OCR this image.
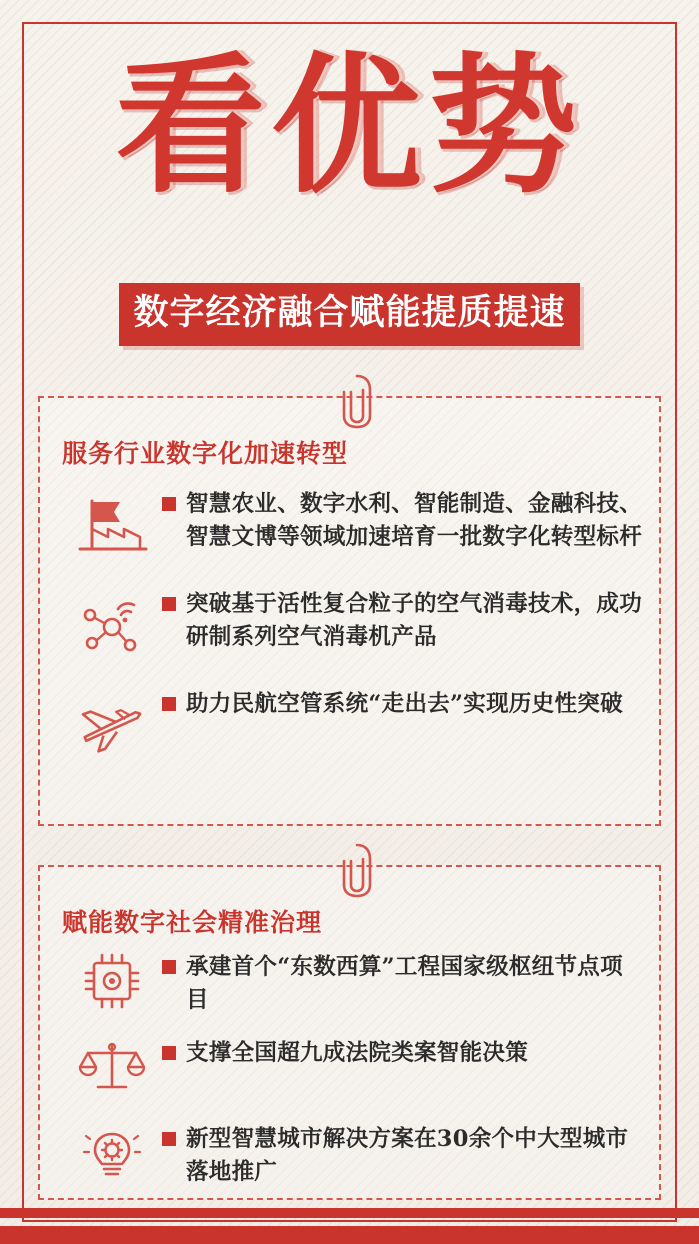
看优势
数字经济融合赋能提质提速
服务行业数字化加速转型

智慧农业、数字水利、智能制造、金融科技、智慧文博等领域加速培育一批数字化转型标杆

突破基于活性复合粒子的空气消毒技术，成功研制系列空气消毒机产品

助力民航空管系统“走出去”实现历史性突破

赋能数字社会精准治理

承建首个“东数西算”工程国家级枢纽节点项目

支撑全国超九成法院类案智能决策

新型智慧城市解决方案在30余个中大型城市落地推广
